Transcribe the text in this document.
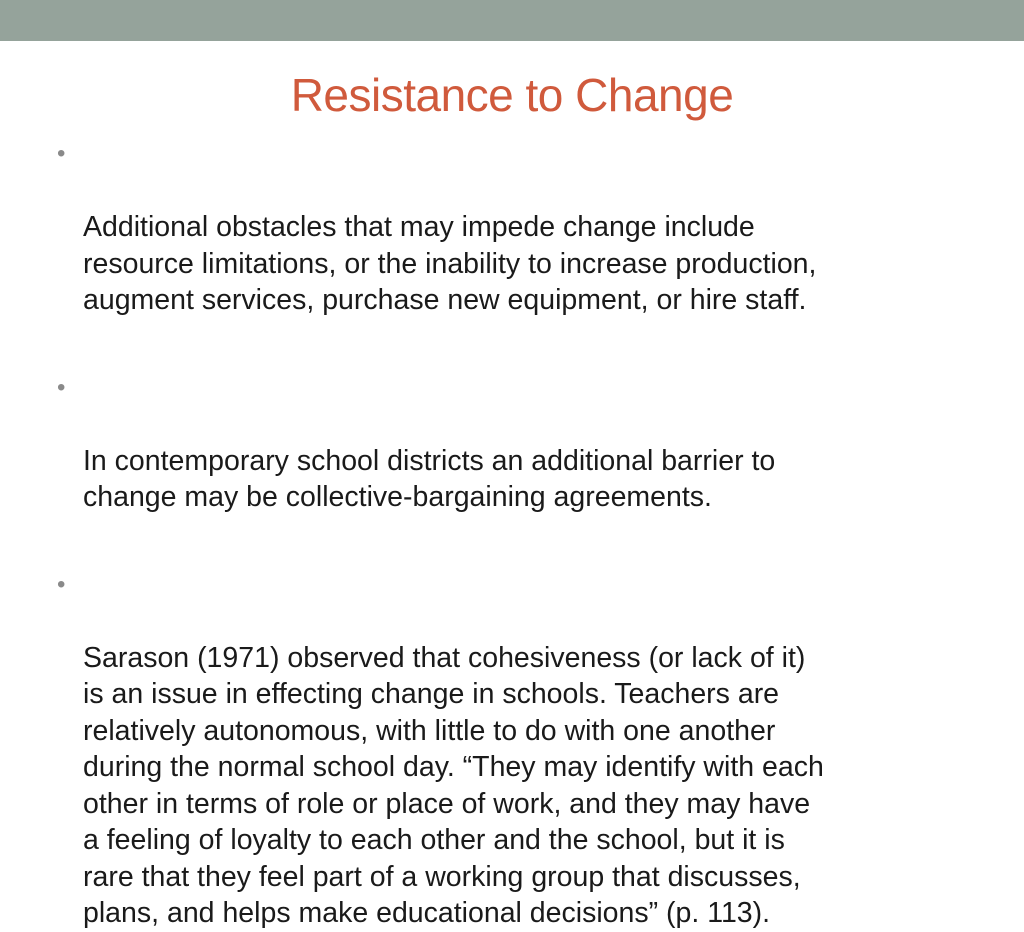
Resistance to Change

•

Additional obstacles that may impede change include
resource limitations, or the inability to increase production,
augment services, purchase new equipment, or hire staff.

•

In contemporary school districts an additional barrier to
change may be collective-bargaining agreements.

•

Sarason (1971) observed that cohesiveness (or lack of it)
is an issue in effecting change in schools. Teachers are
relatively autonomous, with little to do with one another
during the normal school day. “They may identify with each
other in terms of role or place of work, and they may have
a feeling of loyalty to each other and the school, but it is
rare that they feel part of a working group that discusses,
plans, and helps make educational decisions” (p. 113).
